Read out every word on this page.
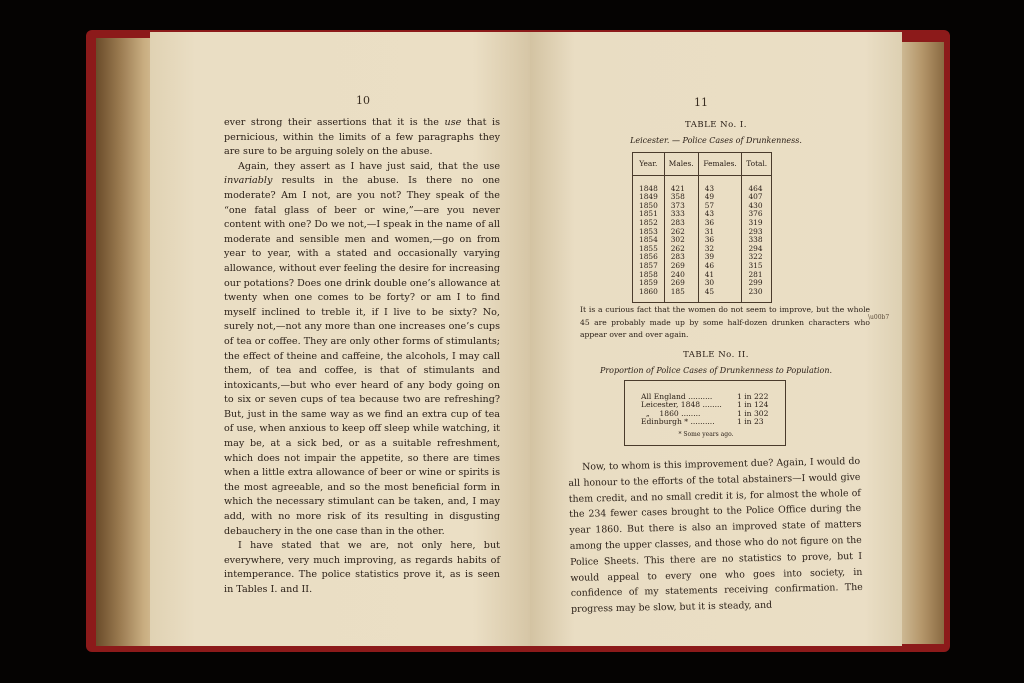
10

ever strong their assertions that it is the use that is pernicious, within the limits of a few paragraphs they are sure to be arguing solely on the abuse.

Again, they assert as I have just said, that the use invariably results in the abuse. Is there no one moderate? Am I not, are you not? They speak of the “one fatal glass of beer or wine,”—are you never content with one? Do we not,—I speak in the name of all moderate and sensible men and women,—go on from year to year, with a stated and occasionally varying allowance, without ever feeling the desire for increasing our potations? Does one drink double one’s allowance at twenty when one comes to be forty? or am I to find myself inclined to treble it, if I live to be sixty? No, surely not,—not any more than one increases one’s cups of tea or coffee. They are only other forms of stimulants; the effect of theine and caffeine, the alcohols, I may call them, of tea and coffee, is that of stimulants and intoxicants,—but who ever heard of any body going on to six or seven cups of tea because two are refreshing? But, just in the same way as we find an extra cup of tea of use, when anxious to keep off sleep while watching, it may be, at a sick bed, or as a suitable refreshment, which does not impair the appetite, so there are times when a little extra allowance of beer or wine or spirits is the most agreeable, and so the most beneficial form in which the necessary stimulant can be taken, and, I may add, with no more risk of its resulting in disgusting debauchery in the one case than in the other.

I have stated that we are, not only here, but everywhere, very much improving, as regards habits of intemperance. The police statistics prove it, as is seen in Tables I. and II.

11
TABLE No. I.
Leicester. — Police Cases of Drunkenness.
Year.	Males.	Females.	Total.
1848	421	43	464
1849	358	49	407
1850	373	57	430
1851	333	43	376
1852	283	36	319
1853	262	31	293
1854	302	36	338
1855	262	32	294
1856	283	39	322
1857	269	46	315
1858	240	41	281
1859	269	30	299
1860	185	45	230
It is a curious fact that the women do not seem to improve, but the whole 45 are probably made up by some half-dozen drunken characters who appear over and over again.
\u00b7
TABLE No. II.
Proportion of Police Cases of Drunkenness to Population.
All England ..........	1 in 222
Leicester, 1848 ........ 1 in 124
„    1860 ........	1 in 302
Edinburgh * ..........	1 in 23
* Some years ago.

Now, to whom is this improvement due? Again, I would do all honour to the efforts of the total abstainers—I would give them credit, and no small credit it is, for almost the whole of the 234 fewer cases brought to the Police Office during the year 1860. But there is also an improved state of matters among the upper classes, and those who do not figure on the Police Sheets. This there are no statistics to prove, but I would appeal to every one who goes into society, in confidence of my statements receiving confirmation. The progress may be slow, but it is steady, and
